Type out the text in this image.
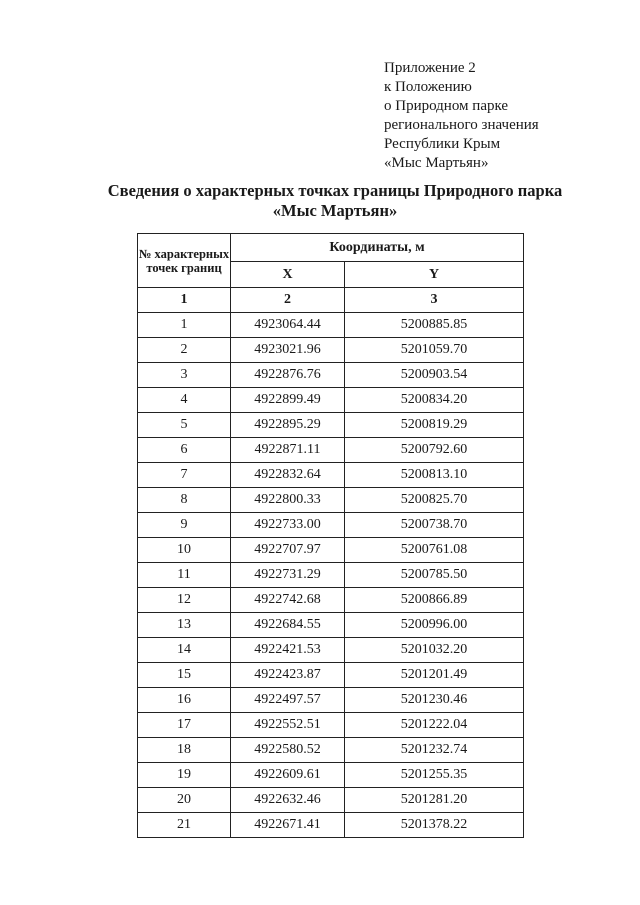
Приложение 2
к Положению
о Природном парке
регионального значения
Республики Крым
«Мыс Мартьян»
Сведения о характерных точках границы Природного парка
«Мыс Мартьян»
№ характерных точек границ	Координаты, м	
	X	Y
1	2	3
1	4923064.44	5200885.85
2	4923021.96	5201059.70
3	4922876.76	5200903.54
4	4922899.49	5200834.20
5	4922895.29	5200819.29
6	4922871.11	5200792.60
7	4922832.64	5200813.10
8	4922800.33	5200825.70
9	4922733.00	5200738.70
10	4922707.97	5200761.08
11	4922731.29	5200785.50
12	4922742.68	5200866.89
13	4922684.55	5200996.00
14	4922421.53	5201032.20
15	4922423.87	5201201.49
16	4922497.57	5201230.46
17	4922552.51	5201222.04
18	4922580.52	5201232.74
19	4922609.61	5201255.35
20	4922632.46	5201281.20
21	4922671.41	5201378.22
